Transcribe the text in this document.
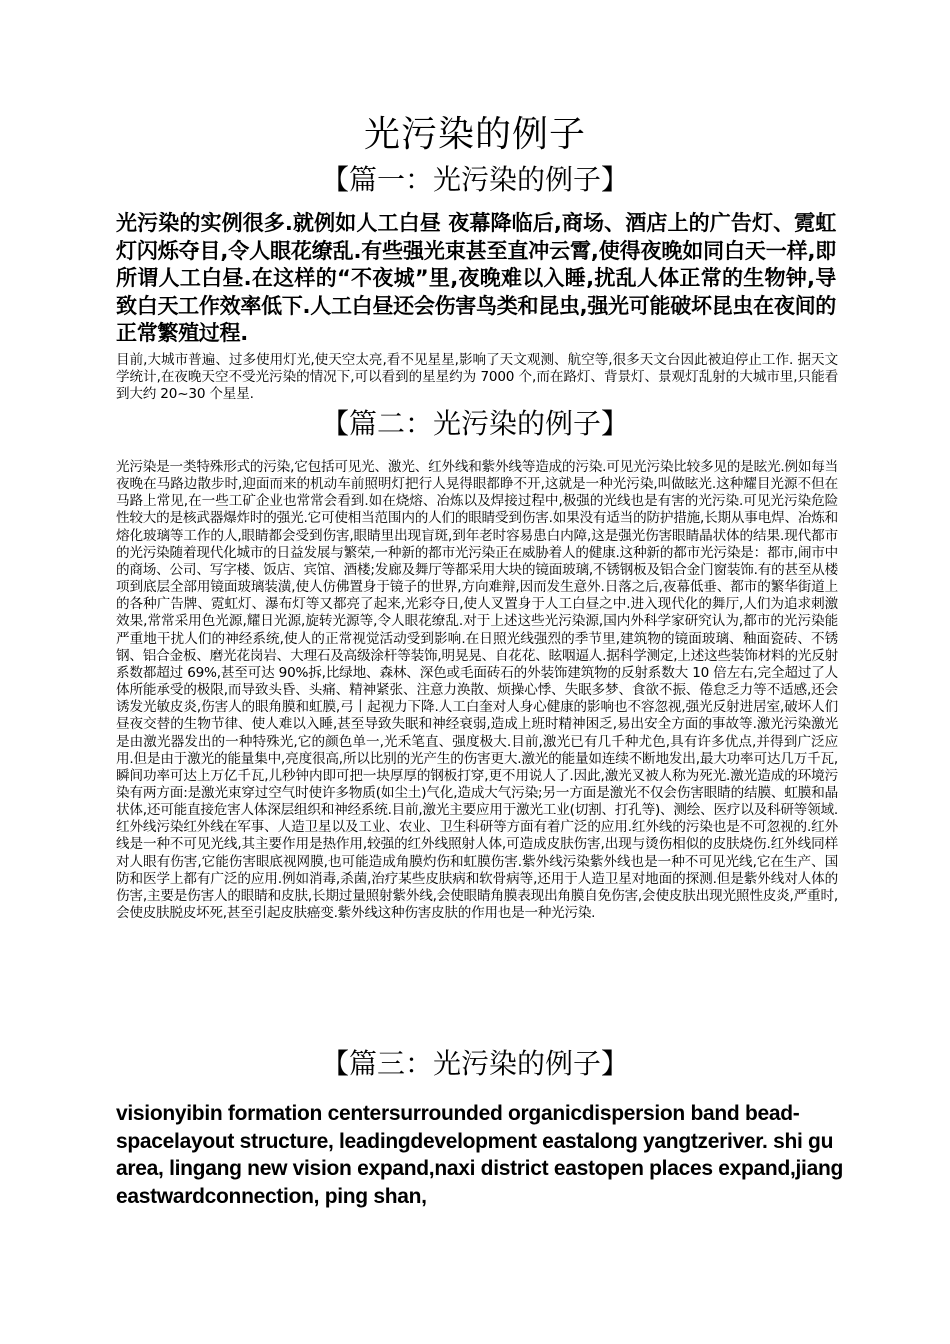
光污染的例子
【篇一：光污染的例子】
光污染的实例很多.就例如人工白昼 夜幕降临后,商场、酒店上的广告灯、霓虹灯闪烁夺目,令人眼花缭乱.有些强光束甚至直冲云霄,使得夜晚如同白天一样,即所谓人工白昼.在这样的“不夜城”里,夜晚难以入睡,扰乱人体正常的生物钟,导致白天工作效率低下.人工白昼还会伤害鸟类和昆虫,强光可能破坏昆虫在夜间的正常繁殖过程.
目前,大城市普遍、过多使用灯光,使天空太亮,看不见星星,影响了天文观测、航空等,很多天文台因此被迫停止工作. 据天文学统计,在夜晚天空不受光污染的情况下,可以看到的星星约为 7000 个,而在路灯、背景灯、景观灯乱射的大城市里,只能看到大约 20~30 个星星.
【篇二：光污染的例子】
光污染是一类特殊形式的污染,它包括可见光、激光、红外线和紫外线等造成的污染.可见光污染比较多见的是眩光.例如每当夜晚在马路边散步时,迎面而来的机动车前照明灯把行人晃得眼都睁不开,这就是一种光污染,叫做眩光.这种耀目光源不但在马路上常见,在一些工矿企业也常常会看到.如在烧熔、冶炼以及焊接过程中,极强的光线也是有害的光污染.可见光污染危险性较大的是核武器爆炸时的强光.它可使相当范围内的人们的眼睛受到伤害.如果没有适当的防护措施,长期从事电焊、冶炼和熔化玻璃等工作的人,眼睛都会受到伤害,眼睛里出现盲斑,到年老时容易患白内障,这是强光伤害眼睛晶状体的结果.现代都市的光污染随着现代化城市的日益发展与繁荣,一种新的都市光污染正在威胁着人的健康.这种新的都市光污染是：都市,闹市中的商场、公司、写字楼、饭店、宾馆、酒楼;发廊及舞厅等都采用大块的镜面玻璃,不锈钢板及铝合金门窗装饰.有的甚至从楼项到底层全部用镜面玻璃装潢,使人仿佛置身于镜子的世界,方向难辩,因而发生意外.日落之后,夜幕低垂、都市的繁华街道上的各种广告牌、霓虹灯、瀑布灯等又都亮了起来,光彩夺日,使人叉置身于人工白昼之中.进入现代化的舞厅,人们为追求刺激效果,常常采用色光源,耀日光源,旋转光源等,令人眼花缭乱.对于上述这些光污染源,国内外科学家研究认为,都市的光污染能严重地干扰人们的神经系统,使人的正常视觉活动受到影响.在日照光线强烈的季节里,建筑物的镜面玻璃、釉面瓷砖、不锈钢、铝合金板、磨光花岗岩、大理石及高级涂杆等装饰,明晃晃、自花花、眩咽逼人.据科学测定,上述这些装饰材料的光反射系数都超过 69%,甚至可达 90%拆,比绿地、森林、深色或毛面砖石的外装饰建筑物的反射系数大 10 倍左右,完全超过了人体所能承受的极限,而导致头昏、头痛、精神紧张、注意力涣散、烦操心悸、失眠多梦、食欲不振、倦怠乏力等不适感,还会诱发光敏皮炎,伤害人的眼角膜和虹膜,弓丨起视力下降.人工白奎对人身心健康的影响也不容忽视,强光反射进居室,破坏人们昼夜交替的生物节律、使人难以入睡,甚至导致失眠和神经衰弱,造成上班时精神困乏,易出安全方面的事故等.激光污染激光是由激光器发出的一种特殊光,它的颜色单一,光禾笔直、强度极大.目前,激光已有几千种尤色,具有许多优点,并得到广泛应用.但是由于激光的能量集中,亮度很高,所以比别的光产生的伤害更大.激光的能量如连续不断地发出,最大功率可达几万千瓦,瞬间功率可达上万亿千瓦,儿秒钟内即可把一块厚厚的钢板打穿,更不用说人了.因此,激光叉被人称为死光.激光造成的环境污染有两方面:是激光束穿过空气时使许多物质(如尘土)气化,造成大气污染;另一方面是激光不仅会伤害眼睛的结膜、虹膜和晶状体,还可能直接危害人体深层组织和神经系统.目前,激光主要应用于激光工业(切割、打孔等)、测绘、医疗以及科研等领域.红外线污染红外线在军事、人造卫星以及工业、农业、卫生科研等方面有着广泛的应用.红外线的污染也是不可忽视的.红外线是一种不可见光线,其主要作用是热作用,较强的红外线照射人体,可造成皮肤伤害,出现与烫伤相似的皮肤烧伤.红外线同样对人眼有伤害,它能伤害眼底视网膜,也可能造成角膜灼伤和虹膜伤害.紫外线污染紫外线也是一种不可见光线,它在生产、国防和医学上都有广泛的应用.例如消毒,杀菌,治疗某些皮肤病和软骨病等,还用于人造卫星对地面的探测.但是紫外线对人体的伤害,主要是伤害人的眼睛和皮肤,长期过量照射紫外线,会使眼睛角膜表现出角膜自免伤害,会使皮肤出现光照性皮炎,严重时,会使皮肤脱皮坏死,甚至引起皮肤癌变.紫外线这种伤害皮肤的作用也是一种光污染.
【篇三：光污染的例子】
visionyibin formation centersurrounded organicdispersion band bead-spacelayout structure, leadingdevelopment eastalong yangtzeriver. shi gu area, lingang new vision expand,naxi district eastopen places expand,jiang eastwardconnection, ping shan,
